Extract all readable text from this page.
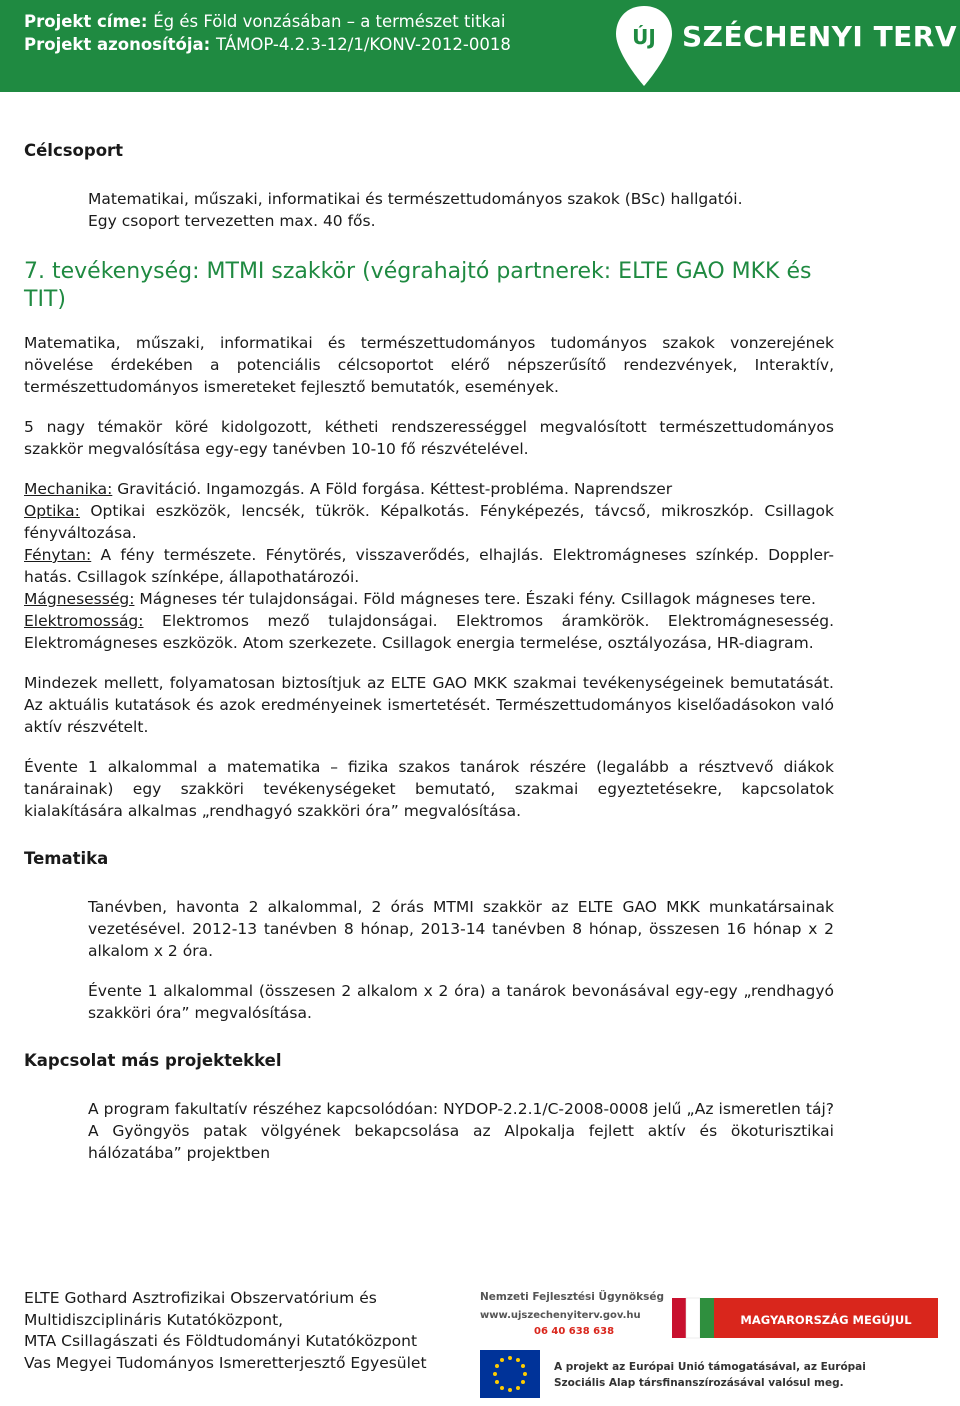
Projekt címe: Ég és Föld vonzásában – a természet titkai
Projekt azonosítója: TÁMOP-4.2.3-12/1/KONV-2012-0018	ÚJ SZÉCHENYI TERV
Célcsoport

Matematikai, műszaki, informatikai és természettudományos szakok (BSc) hallgatói.

Egy csoport tervezetten max. 40 fős.

7. tevékenység: MTMI szakkör (végrahajtó partnerek: ELTE GAO MKK és TIT)

Matematika, műszaki, informatikai és természettudományos tudományos szakok vonzerejének növelése érdekében a potenciális célcsoportot elérő népszerűsítő rendezvények, Interaktív, természettudományos ismereteket fejlesztő bemutatók, események.

5 nagy témakör köré kidolgozott, kétheti rendszerességgel megvalósított természettudományos szakkör megvalósítása egy-egy tanévben 10-10 fő részvételével.

Mechanika: Gravitáció. Ingamozgás. A Föld forgása. Kéttest-probléma. Naprendszer

Optika: Optikai eszközök, lencsék, tükrök. Képalkotás. Fényképezés, távcső, mikroszkóp. Csillagok fényváltozása.

Fénytan: A fény természete. Fénytörés, visszaverődés, elhajlás. Elektromágneses színkép. Doppler-hatás. Csillagok színképe, állapothatározói.

Mágnesesség: Mágneses tér tulajdonságai. Föld mágneses tere. Északi fény. Csillagok mágneses tere.

Elektromosság: Elektromos mező tulajdonságai. Elektromos áramkörök. Elektromágnesesség. Elektromágneses eszközök. Atom szerkezete. Csillagok energia termelése, osztályozása, HR-diagram.

Mindezek mellett, folyamatosan biztosítjuk az ELTE GAO MKK szakmai tevékenységeinek bemutatását. Az aktuális kutatások és azok eredményeinek ismertetését. Természettudományos kiselőadásokon való aktív részvételt.

Évente 1 alkalommal a matematika – fizika szakos tanárok részére (legalább a résztvevő diákok tanárainak) egy szakköri tevékenységeket bemutató, szakmai egyeztetésekre, kapcsolatok kialakítására alkalmas „rendhagyó szakköri óra” megvalósítása.

Tematika

Tanévben, havonta 2 alkalommal, 2 órás MTMI szakkör az ELTE GAO MKK munkatársainak vezetésével. 2012-13 tanévben 8 hónap, 2013-14 tanévben 8 hónap, összesen 16 hónap x 2 alkalom x 2 óra.

Évente 1 alkalommal (összesen 2 alkalom x 2 óra) a tanárok bevonásával egy-egy „rendhagyó szakköri óra” megvalósítása.

Kapcsolat más projektekkel

A program fakultatív részéhez kapcsolódóan: NYDOP-2.2.1/C-2008-0008 jelű „Az ismeretlen táj? A Gyöngyös patak völgyének bekapcsolása az Alpokalja fejlett aktív és ökoturisztikai hálózatába” projektben

ELTE Gothard Asztrofizikai Obszervatórium és
Multidiszciplináris Kutatóközpont,
MTA Csillagászati és Földtudományi Kutatóközpont
Vas Megyei Tudományos Ismeretterjesztő Egyesület
Nemzeti Fejlesztési Ügynökség
www.ujszechenyiterv.gov.hu
06 40 638 638
MAGYARORSZÁG MEGÚJUL
A projekt az Európai Unió támogatásával, az Európai
Szociális Alap társfinanszírozásával valósul meg.
